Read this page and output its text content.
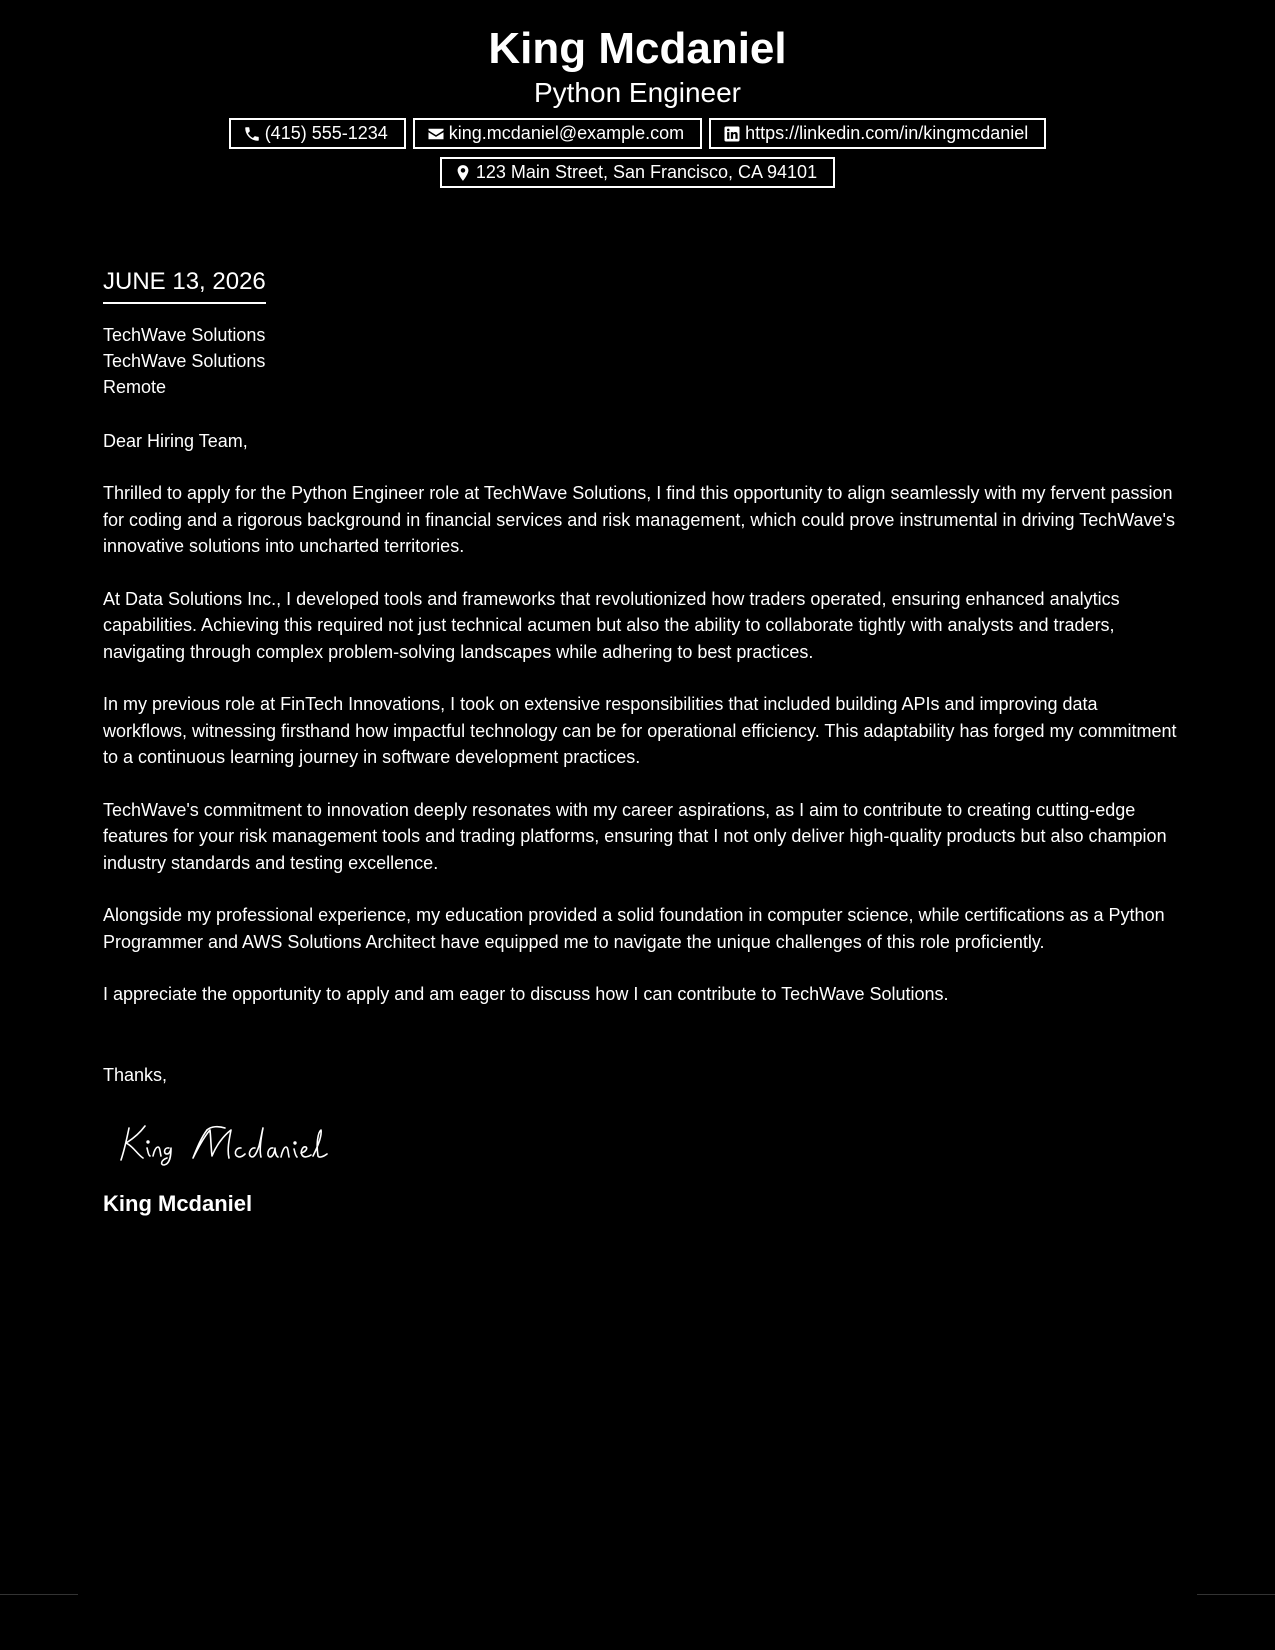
King Mcdaniel
Python Engineer
(415) 555-1234	king.mcdaniel@example.com	https://linkedin.com/in/kingmcdaniel
123 Main Street, San Francisco, CA 94101
JUNE 13, 2026
TechWave Solutions
TechWave Solutions
Remote
Dear Hiring Team,

Thrilled to apply for the Python Engineer role at TechWave Solutions, I find this opportunity to align seamlessly with my fervent passion for coding and a rigorous background in financial services and risk management, which could prove instrumental in driving TechWave's innovative solutions into uncharted territories.

At Data Solutions Inc., I developed tools and frameworks that revolutionized how traders operated, ensuring enhanced analytics capabilities. Achieving this required not just technical acumen but also the ability to collaborate tightly with analysts and traders, navigating through complex problem-solving landscapes while adhering to best practices.

In my previous role at FinTech Innovations, I took on extensive responsibilities that included building APIs and improving data workflows, witnessing firsthand how impactful technology can be for operational efficiency. This adaptability has forged my commitment to a continuous learning journey in software development practices.

TechWave's commitment to innovation deeply resonates with my career aspirations, as I aim to contribute to creating cutting-edge features for your risk management tools and trading platforms, ensuring that I not only deliver high-quality products but also champion industry standards and testing excellence.

Alongside my professional experience, my education provided a solid foundation in computer science, while certifications as a Python Programmer and AWS Solutions Architect have equipped me to navigate the unique challenges of this role proficiently.

I appreciate the opportunity to apply and am eager to discuss how I can contribute to TechWave Solutions.

Thanks,
King Mcdaniel
